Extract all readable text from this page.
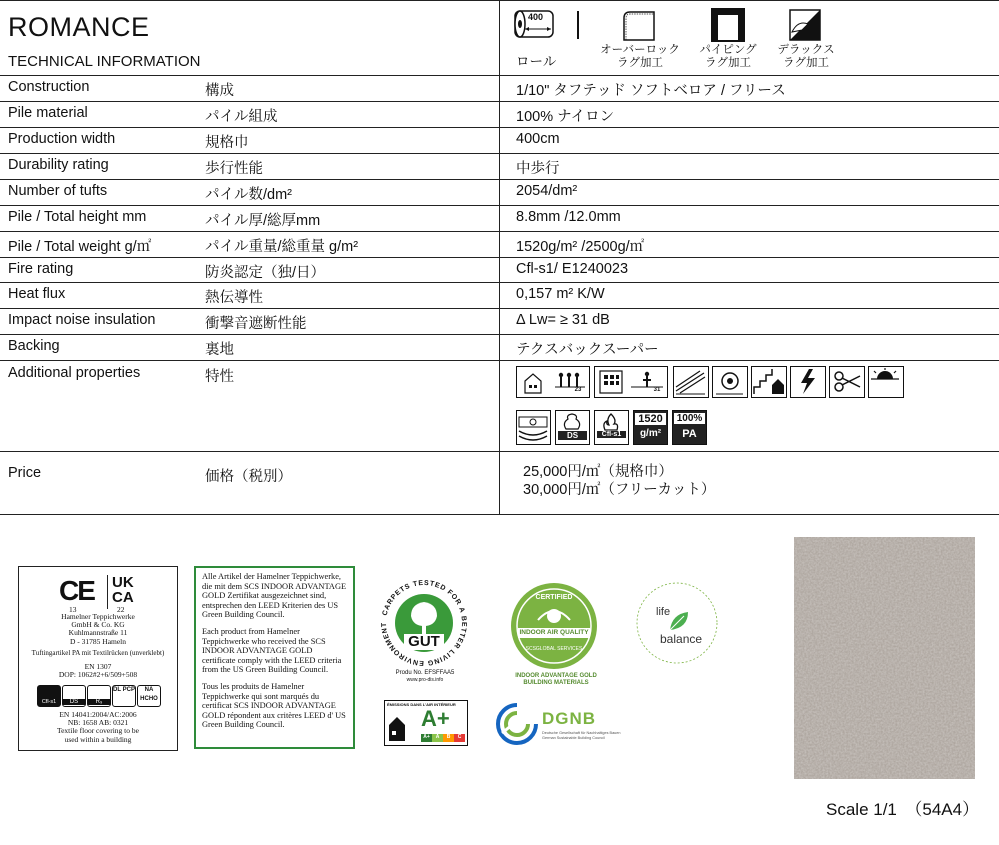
ROMANCE
TECHNICAL INFORMATION
400
ロール
オーバーロック
ラグ加工
パイピング
ラグ加工
デラックス
ラグ加工
Construction	構成	1/10" タフテッド ソフトベロア / フリース
Pile material	パイル組成	100% ナイロン
Production width	規格巾	400cm
Durability rating	歩行性能	中歩行
Number of tufts	パイル数/dm²	2054/dm²
Pile / Total height mm	パイル厚/総厚mm	8.8mm /12.0mm
Pile / Total weight g/㎡	パイル重量/総重量 g/m²	1520g/m² /2500g/㎡
Fire rating	防炎認定（独/日）	Cfl-s1/ E1240023
Heat flux	熱伝導性	0,157 m² K/W
Impact noise insulation	衝撃音遮断性能	Δ Lw= ≥ 31 dB
Backing	裏地	テクスバックスーパー
Additional properties	特性
23	31
DS	Cfl-s1
1520
g/m²
100%
PA
Price	価格（税別）	25,000円/㎡（規格巾）
30,000円/㎡（フリーカット）
CE UK
CA
13	22
Hamelner Teppichwerke
GmbH & Co. KG
Kuhlmannstraße 11
D - 31785 Hameln
Tuftingartikel PA mit Textilrücken (unverklebt)
EN 1307
DOP: 1062#2+6/509+508
Cfl-s1	DS	R₉
DL PCP	NA HCHO
EN 14041:2004/AC:2006
NB: 1658 AB: 0321
Textile floor covering to be
used within a building

Alle Artikel der Hamelner Teppichwerke, die mit dem SCS INDOOR ADVANTAGE GOLD Zertifikat ausgezeichnet sind, entsprechen den LEED Kriterien des US Green Building Council.

Each product from Hamelner Teppichwerke who received the SCS INDOOR ADVANTAGE GOLD certificate comply with the LEED criteria from the US Green Building Council.

Tous les produits de Hamelner Teppichwerke qui sont marqués du certificat SCS INDOOR ADVANTAGE GOLD répondent aux critères LEED d' US Green Building Council.

CARPETS TESTED FOR A BETTER LIVING ENVIRONMENT
GUT
Produ No. EFSFFAA5
www.pro-dis.info
CERTIFIED
INDOOR AIR QUALITY
SCSGLOBAL SERVICES
INDOOR ADVANTAGE GOLD
BUILDING MATERIALS
life
balance
ÉMISSIONS DANS L'AIR INTÉRIEUR
A+
A+	A	B	C
DGNB
Deutsche Gesellschaft für Nachhaltiges Bauen
German Sustainable Building Council
Scale 1/1　（54A4）
